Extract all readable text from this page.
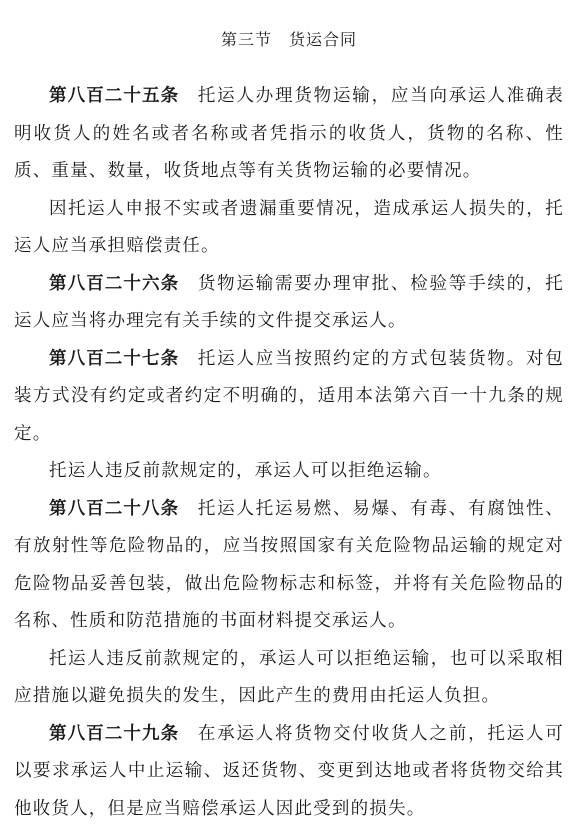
第三节　货运合同

第八百二十五条 托运人办理货物运输，应当向承运人准确表明收货人的姓名或者名称或者凭指示的收货人，货物的名称、性质、重量、数量，收货地点等有关货物运输的必要情况。

因托运人申报不实或者遗漏重要情况，造成承运人损失的，托运人应当承担赔偿责任。

第八百二十六条 货物运输需要办理审批、检验等手续的，托运人应当将办理完有关手续的文件提交承运人。

第八百二十七条 托运人应当按照约定的方式包装货物。对包装方式没有约定或者约定不明确的，适用本法第六百一十九条的规定。

托运人违反前款规定的，承运人可以拒绝运输。

第八百二十八条 托运人托运易燃、易爆、有毒、有腐蚀性、有放射性等危险物品的，应当按照国家有关危险物品运输的规定对危险物品妥善包装，做出危险物标志和标签，并将有关危险物品的名称、性质和防范措施的书面材料提交承运人。

托运人违反前款规定的，承运人可以拒绝运输，也可以采取相应措施以避免损失的发生，因此产生的费用由托运人负担。

第八百二十九条 在承运人将货物交付收货人之前，托运人可以要求承运人中止运输、返还货物、变更到达地或者将货物交给其他收货人，但是应当赔偿承运人因此受到的损失。
